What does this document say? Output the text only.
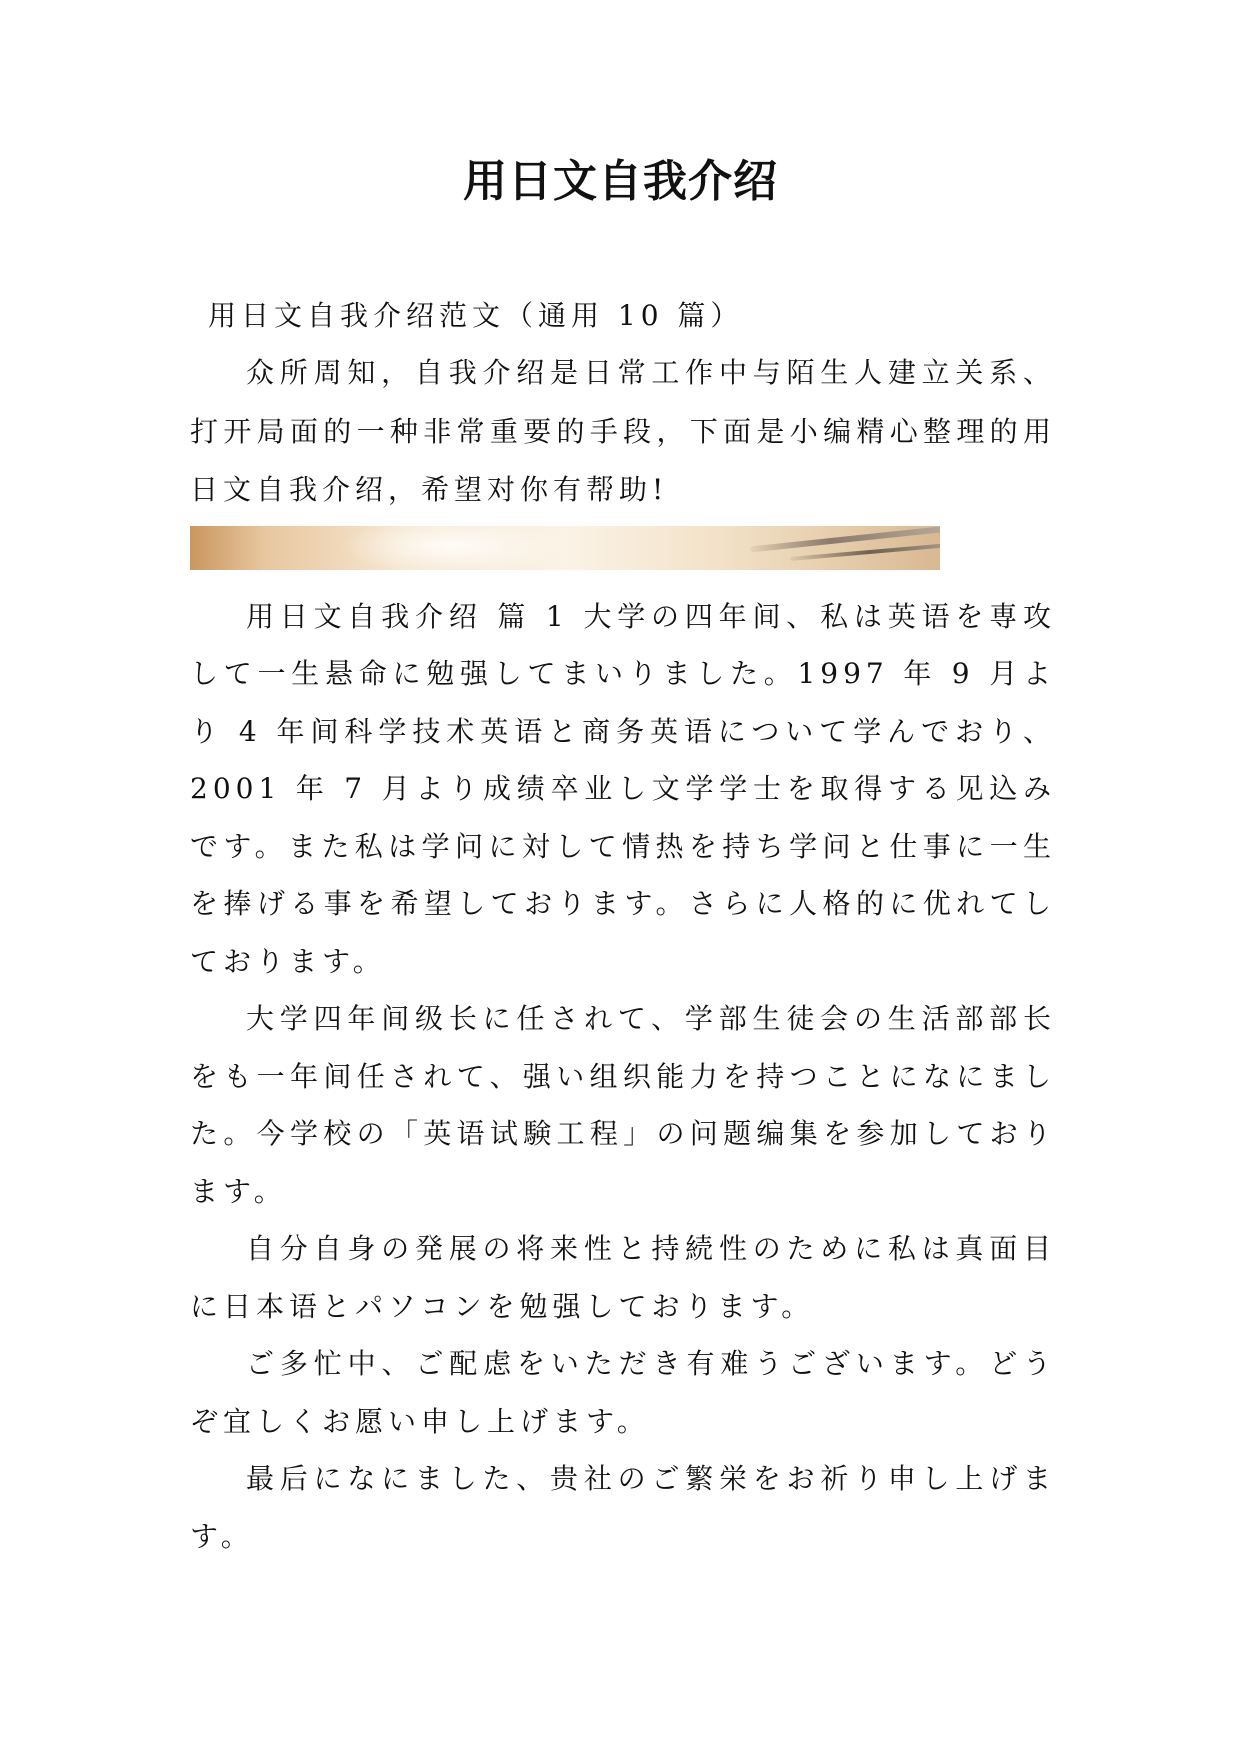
用日文自我介绍

用日文自我介绍范文（通用 10 篇）

众所周知，自我介绍是日常工作中与陌生人建立关系、打开局面的一种非常重要的手段，下面是小编精心整理的用日文自我介绍，希望对你有帮助!

用日文自我介绍 篇 1 大学の四年间、私は英语を専攻して一生悬命に勉强してまいりました。1997 年 9 月より 4 年间科学技术英语と商务英语について学んでおり、2001 年 7 月より成绩卒业し文学学士を取得する见込みです。また私は学问に対して情热を持ち学问と仕事に一生を捧げる事を希望しております。さらに人格的に优れてしております。

大学四年间级长に任されて、学部生徒会の生活部部长をも一年间任されて、强い组织能力を持つことになにました。今学校の「英语试験工程」の问题编集を参加しております。

自分自身の発展の将来性と持続性のために私は真面目に日本语とパソコンを勉强しております。

ご多忙中、ご配虑をいただき有难うございます。どうぞ宜しくお愿い申し上げます。

最后になにました、贵社のご繁栄をお祈り申し上げます。
